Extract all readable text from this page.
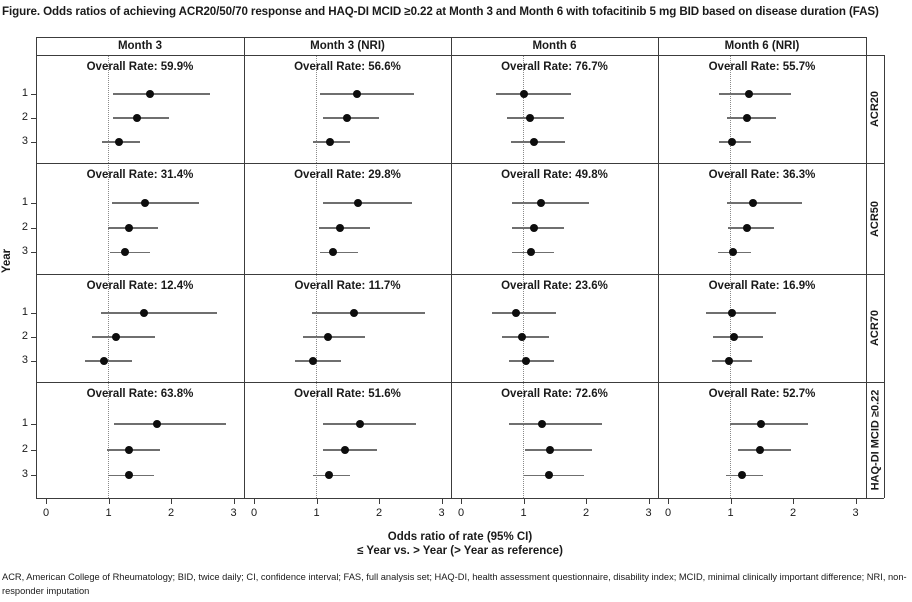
Figure. Odds ratios of achieving ACR20/50/70 response and HAQ-DI MCID ≥0.22 at Month 3 and Month 6 with tofacitinib 5 mg BID based on disease duration (FAS)
Odds ratio of rate (95% CI)
≤ Year vs. > Year (> Year as reference)
Year
ACR, American College of Rheumatology; BID, twice daily; CI, confidence interval; FAS, full analysis set; HAQ-DI, health assessment questionnaire, disability index; MCID, minimal clinically important difference; NRI, non-responder imputation
Month 3	Month 3 (NRI)	Month 6	Month 6 (NRI)
Overall Rate: 59.9%	Overall Rate: 56.6%	Overall Rate: 76.7%	Overall Rate: 55.7%
Overall Rate: 31.4%	Overall Rate: 29.8%	Overall Rate: 49.8%	Overall Rate: 36.3%
Overall Rate: 12.4%	Overall Rate: 11.7%	Overall Rate: 23.6%	Overall Rate: 16.9%
Overall Rate: 63.8%	Overall Rate: 51.6%	Overall Rate: 72.6%	Overall Rate: 52.7%
ACR20
ACR50
ACR70
HAQ-DI MCID ≥0.22
1
2
3
1
2
3
1
2
3
1
2
3
0	1	2	3	0	1	2	3	0	1	2	3	0	1	2	3
